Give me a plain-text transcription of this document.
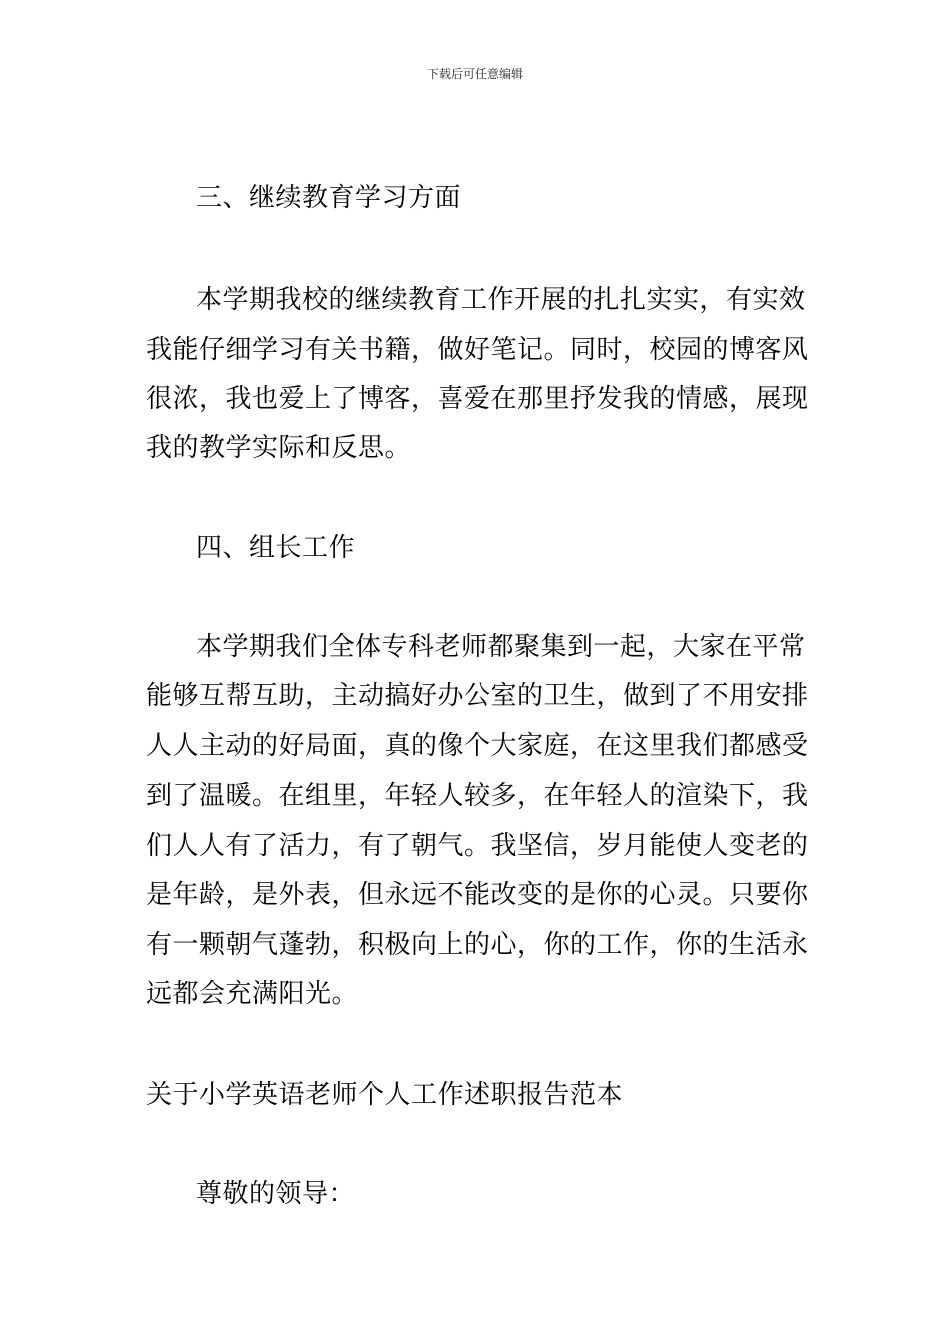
下载后可任意编辑
三、继续教育学习方面
本学期我校的继续教育工作开展的扎扎实实，有实效
我能仔细学习有关书籍，做好笔记。同时，校园的博客风
很浓，我也爱上了博客，喜爱在那里抒发我的情感，展现
我的教学实际和反思。
四、组长工作
本学期我们全体专科老师都聚集到一起，大家在平常
能够互帮互助，主动搞好办公室的卫生，做到了不用安排
人人主动的好局面，真的像个大家庭，在这里我们都感受
到了温暖。在组里，年轻人较多，在年轻人的渲染下，我
们人人有了活力，有了朝气。我坚信，岁月能使人变老的
是年龄，是外表，但永远不能改变的是你的心灵。只要你
有一颗朝气蓬勃，积极向上的心，你的工作，你的生活永
远都会充满阳光。
关于小学英语老师个人工作述职报告范本
尊敬的领导：
